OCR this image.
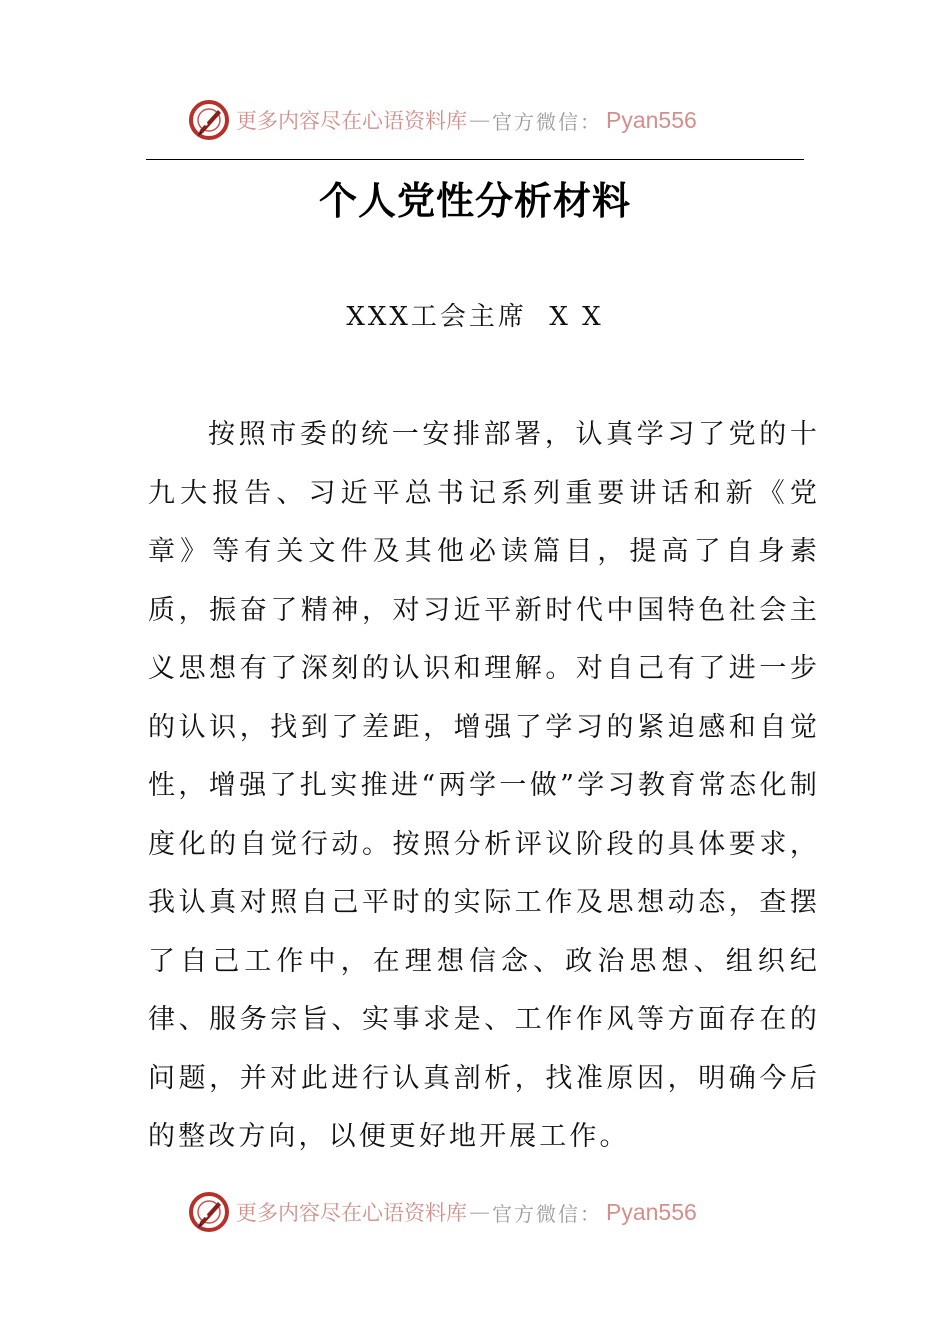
更多内容尽在心语资料库 — 官方微信： Pyan556
个人党性分析材料
XXX工会主席  X X

按照市委的统一安排部署，认真学习了党的十九大报告、习近平总书记系列重要讲话和新《党章》等有关文件及其他必读篇目，提高了自身素质，振奋了精神，对习近平新时代中国特色社会主义思想有了深刻的认识和理解。对自己有了进一步的认识，找到了差距，增强了学习的紧迫感和自觉性，增强了扎实推进“两学一做”学习教育常态化制度化的自觉行动。按照分析评议阶段的具体要求，我认真对照自己平时的实际工作及思想动态，查摆了自己工作中，在理想信念、政治思想、组织纪律、服务宗旨、实事求是、工作作风等方面存在的问题，并对此进行认真剖析，找准原因，明确今后的整改方向，以便更好地开展工作。

更多内容尽在心语资料库 — 官方微信： Pyan556
